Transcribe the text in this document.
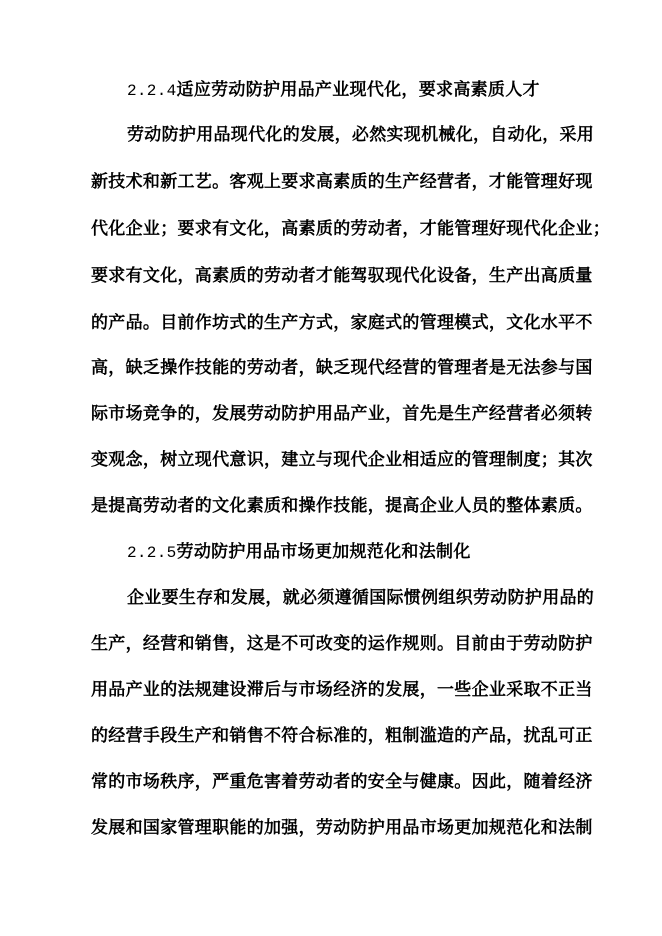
2.2.4适应劳动防护用品产业现代化，要求高素质人才
劳动防护用品现代化的发展，必然实现机械化，自动化，采用
新技术和新工艺。客观上要求高素质的生产经营者，才能管理好现
代化企业；要求有文化，高素质的劳动者，才能管理好现代化企业；
要求有文化，高素质的劳动者才能驾驭现代化设备，生产出高质量
的产品。目前作坊式的生产方式，家庭式的管理模式，文化水平不
高，缺乏操作技能的劳动者，缺乏现代经营的管理者是无法参与国
际市场竞争的，发展劳动防护用品产业，首先是生产经营者必须转
变观念，树立现代意识，建立与现代企业相适应的管理制度；其次
是提高劳动者的文化素质和操作技能，提高企业人员的整体素质。
2.2.5劳动防护用品市场更加规范化和法制化
企业要生存和发展，就必须遵循国际惯例组织劳动防护用品的
生产，经营和销售，这是不可改变的运作规则。目前由于劳动防护
用品产业的法规建设滞后与市场经济的发展，一些企业采取不正当
的经营手段生产和销售不符合标准的，粗制滥造的产品，扰乱可正
常的市场秩序，严重危害着劳动者的安全与健康。因此，随着经济
发展和国家管理职能的加强，劳动防护用品市场更加规范化和法制
